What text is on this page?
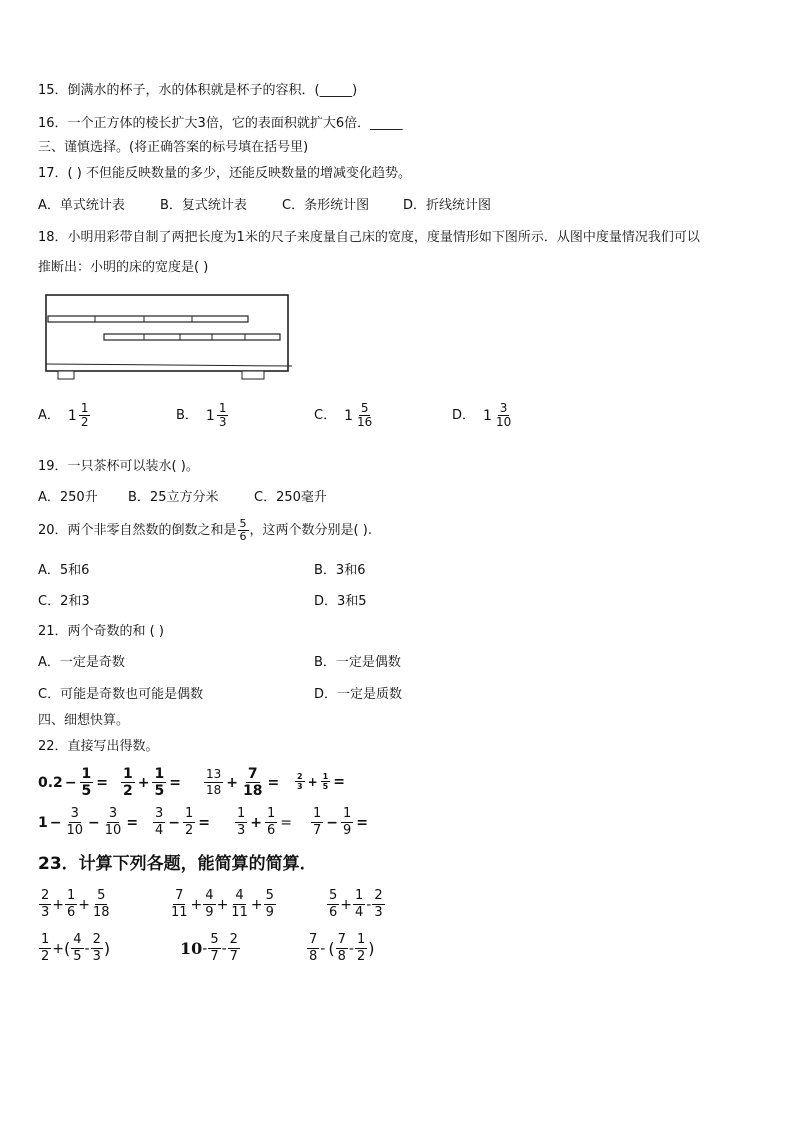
15．倒满水的杯子，水的体积就是杯子的容积．(_____)
16．一个正方体的棱长扩大3倍，它的表面积就扩大6倍．_____
三、谨慎选择。(将正确答案的标号填在括号里)
17．( ) 不但能反映数量的多少，还能反映数量的增减变化趋势。
A．单式统计表	B．复式统计表	C．条形统计图	D．折线统计图
18．小明用彩带自制了两把长度为1米的尺子来度量自己床的宽度，度量情形如下图所示．从图中度量情况我们可以
推断出：小明的床的宽度是( )
A． $1 \frac{1}{2}$	B． $1 \frac{1}{3}$	C． $1 \frac{5}{16}$	D． $1 \frac{3}{10}$
19．一只茶杯可以装水( )。
A．250升 B．25立方分米	C．250毫升
20．两个非零自然数的倒数之和是 $\frac{5}{6}$ ，这两个数分别是( ).
A．5和6	B．3和6
C．2和3	D．3和5
21．两个奇数的和 ( )
A．一定是奇数	B．一定是偶数
C．可能是奇数也可能是偶数	D．一定是质数
四、细想快算。
22．直接写出得数。
$0.2 - \frac{1}{5} = \frac{1}{2} + \frac{1}{5} = \frac{13}{18} + \frac{7}{18} = \frac{2}{3} + \frac{1}{5}$ =
$1 - \frac{3}{10} - \frac{3}{10} = \frac{3}{4} - \frac{1}{2} = \frac{1}{3} + \frac{1}{6} = \frac{1}{7} - \frac{1}{9}$ =
23．计算下列各题，能简算的简算．
$\frac{2}{3} + \frac{1}{6} + \frac{5}{18}$	$\frac{7}{11} + \frac{4}{9} + \frac{4}{11} + \frac{5}{9}$	$\frac{5}{6} + \frac{1}{4} - \frac{2}{3}$
$\frac{1}{2}$ + ( $\frac{4}{5} - \frac{2}{3}$ )	$10 - \frac{5}{7} - \frac{2}{7}$	$\frac{7}{8}$ - ( $\frac{7}{8} - \frac{1}{2}$ )
